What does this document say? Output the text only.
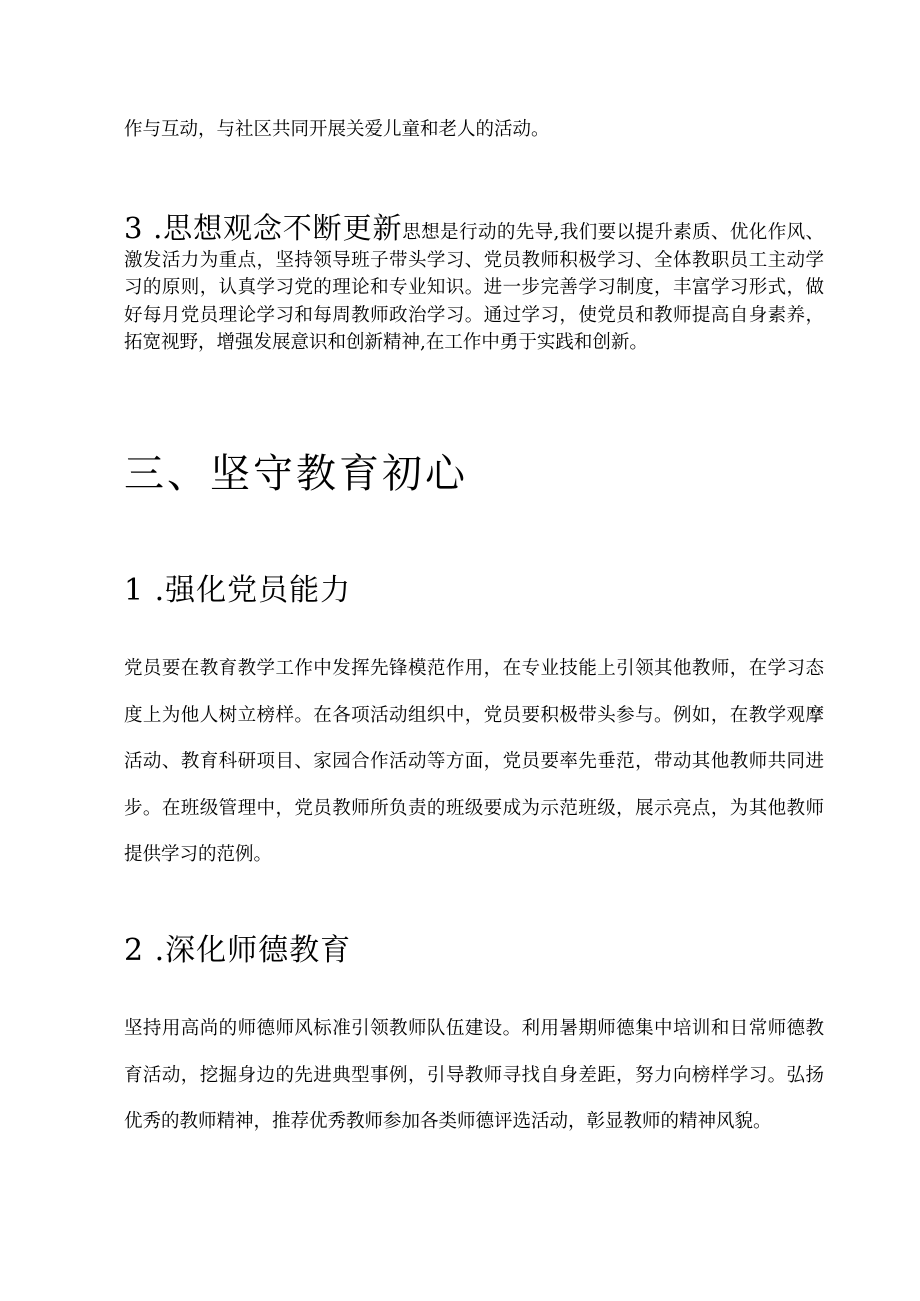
作与互动，与社区共同开展关爱儿童和老人的活动。

3 .思想观念不断更新思想是行动的先导,我们要以提升素质、优化作风、激发活力为重点，坚持领导班子带头学习、党员教师积极学习、全体教职员工主动学习的原则，认真学习党的理论和专业知识。进一步完善学习制度，丰富学习形式，做好每月党员理论学习和每周教师政治学习。通过学习，使党员和教师提高自身素养，拓宽视野，增强发展意识和创新精神,在工作中勇于实践和创新。

三、坚守教育初心
1 .强化党员能力

党员要在教育教学工作中发挥先锋模范作用，在专业技能上引领其他教师，在学习态度上为他人树立榜样。在各项活动组织中，党员要积极带头参与。例如，在教学观摩活动、教育科研项目、家园合作活动等方面，党员要率先垂范，带动其他教师共同进步。在班级管理中，党员教师所负责的班级要成为示范班级，展示亮点，为其他教师提供学习的范例。

2 .深化师德教育

坚持用高尚的师德师风标准引领教师队伍建设。利用暑期师德集中培训和日常师德教育活动，挖掘身边的先进典型事例，引导教师寻找自身差距，努力向榜样学习。弘扬优秀的教师精神，推荐优秀教师参加各类师德评选活动，彰显教师的精神风貌。
